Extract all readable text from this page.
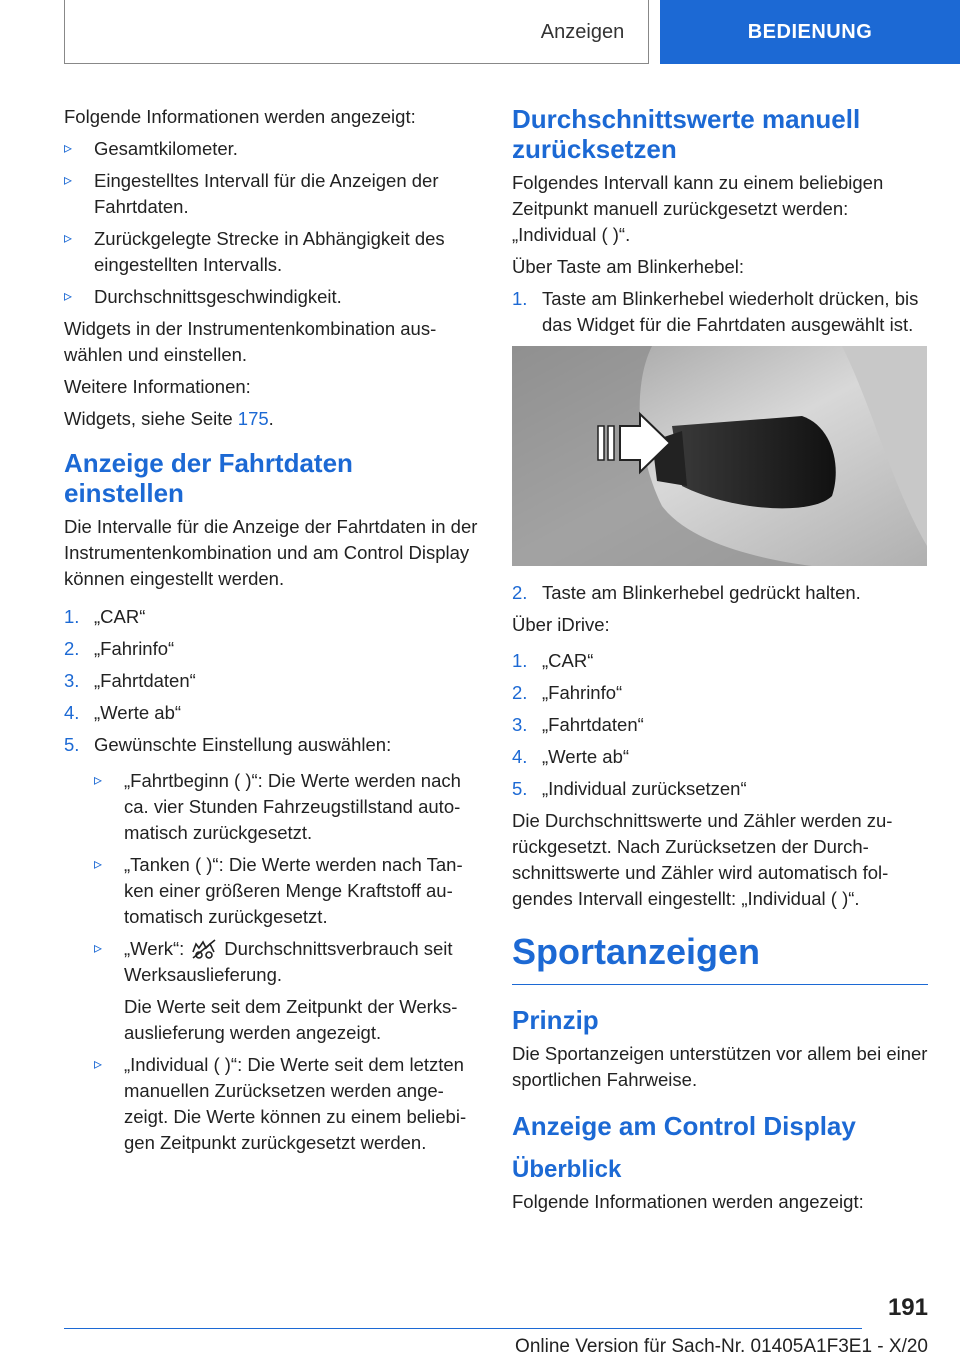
Anzeigen	BEDIENUNG

Folgende Informationen werden angezeigt:

▹ Gesamtkilometer.
▹ Eingestelltes Intervall für die Anzeigen der Fahrtdaten.
▹ Zurückgelegte Strecke in Abhängigkeit des eingestellten Intervalls.
▹ Durchschnittsgeschwindigkeit.

Widgets in der Instrumentenkombination auswählen und einstellen.

Weitere Informationen:

Widgets, siehe Seite 175.

Anzeige der Fahrtdaten einstellen

Die Intervalle für die Anzeige der Fahrtdaten in der Instrumentenkombination und am Control Display können eingestellt werden.

1. „CAR“
2. „Fahrinfo“
3. „Fahrtdaten“
4. „Werte ab“
5. Gewünschte Einstellung auswählen:
▹ „Fahrtbeginn ( )“: Die Werte werden nach ca. vier Stunden Fahrzeugstillstand automatisch zurückgesetzt.
▹ „Tanken ( )“: Die Werte werden nach Tanken einer größeren Menge Kraftstoff automatisch zurückgesetzt.
▹ „Werk“: Durchschnittsverbrauch seit Werksauslieferung.

Die Werte seit dem Zeitpunkt der Werksauslieferung werden angezeigt.

▹ „Individual ( )“: Die Werte seit dem letzten manuellen Zurücksetzen werden angezeigt. Die Werte können zu einem beliebigen Zeitpunkt zurückgesetzt werden.
Durchschnittswerte manuell zurücksetzen

Folgendes Intervall kann zu einem beliebigen Zeitpunkt manuell zurückgesetzt werden: „Individual ( )“.

Über Taste am Blinkerhebel:

1. Taste am Blinkerhebel wiederholt drücken, bis das Widget für die Fahrtdaten ausgewählt ist.
2. Taste am Blinkerhebel gedrückt halten.

Über iDrive:

1. „CAR“
2. „Fahrinfo“
3. „Fahrtdaten“
4. „Werte ab“
5. „Individual zurücksetzen“

Die Durchschnittswerte und Zähler werden zurückgesetzt. Nach Zurücksetzen der Durchschnittswerte und Zähler wird automatisch folgendes Intervall eingestellt: „Individual ( )“.

Sportanzeigen
Prinzip

Die Sportanzeigen unterstützen vor allem bei einer sportlichen Fahrweise.

Anzeige am Control Display
Überblick

Folgende Informationen werden angezeigt:

191
Online Version für Sach-Nr. 01405A1F3E1 - X/20
